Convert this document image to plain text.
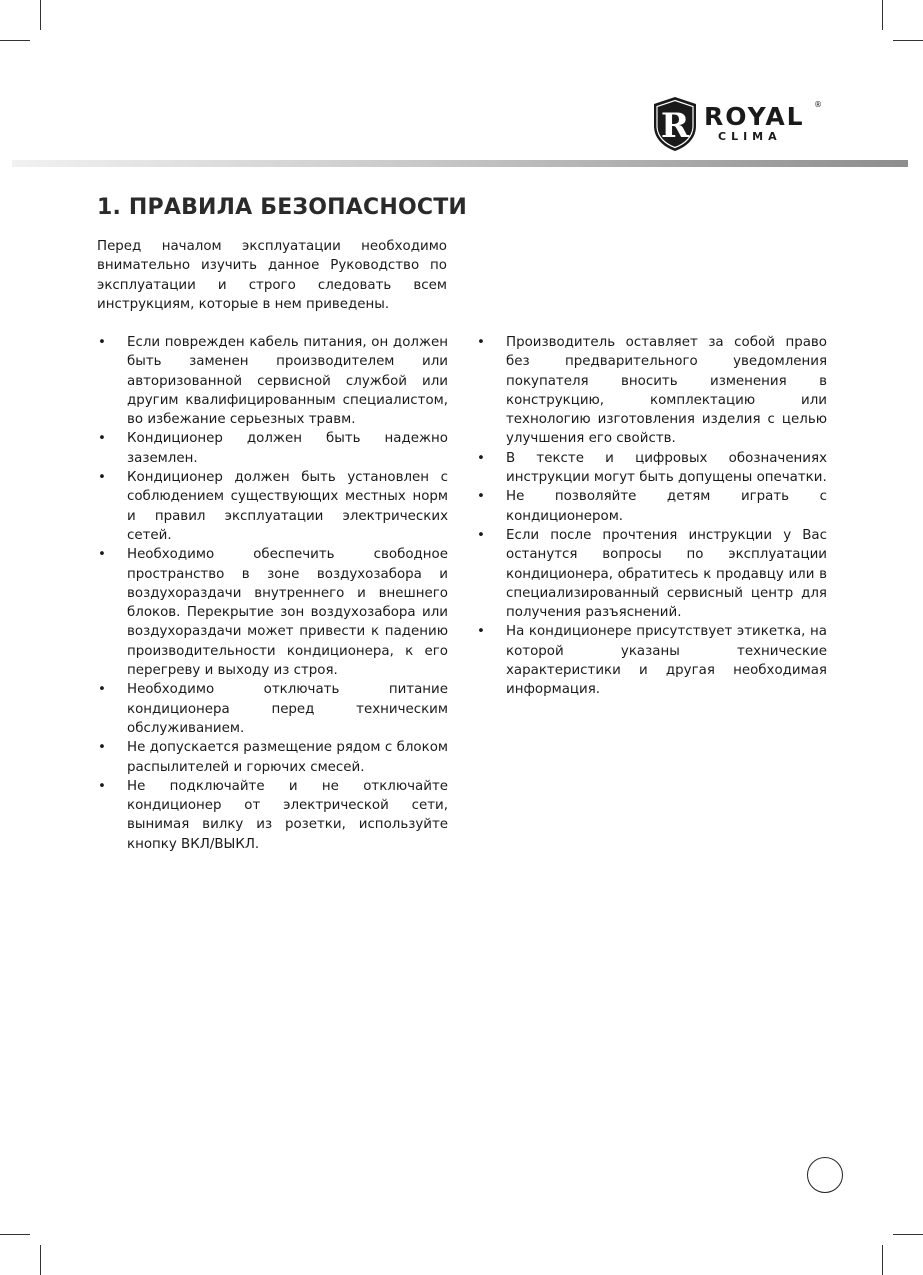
R ROYAL ®
CLIMA
1. ПРАВИЛА БЕЗОПАСНОСТИ

Перед началом эксплуатации необходимо внимательно изучить данное Руководство по эксплуатации и строго следовать всем инструкциям, которые в нем приведены.

• Если поврежден кабель питания, он должен быть заменен производителем или авторизованной сервисной службой или другим квалифицированным специалистом, во избежание серьезных травм.
• Кондиционер должен быть надежно заземлен.
• Кондиционер должен быть установлен с соблюдением существующих местных норм и правил эксплуатации электрических сетей.
• Необходимо обеспечить свободное пространство в зоне воздухозабора и воздухораздачи внутреннего и внешнего блоков. Перекрытие зон воздухозабора или воздухораздачи может привести к падению производительности кондиционера, к его перегреву и выходу из строя.
• Необходимо отключать питание кондиционера перед техническим обслуживанием.
• Не допускается размещение рядом с блоком распылителей и горючих смесей.
• Не подключайте и не отключайте кондиционер от электрической сети, вынимая вилку из розетки, используйте кнопку ВКЛ/ВЫКЛ.
• Производитель оставляет за собой право без предварительного уведомления покупателя вносить изменения в конструкцию, комплектацию или технологию изготовления изделия с целью улучшения его свойств.
• В тексте и цифровых обозначениях инструкции могут быть допущены опечатки.
• Не позволяйте детям играть с кондиционером.
• Если после прочтения инструкции у Вас останутся вопросы по эксплуатации кондиционера, обратитесь к продавцу или в специализированный сервисный центр для получения разъяснений.
• На кондиционере присутствует этикетка, на которой указаны технические характеристики и другая необходимая информация.
